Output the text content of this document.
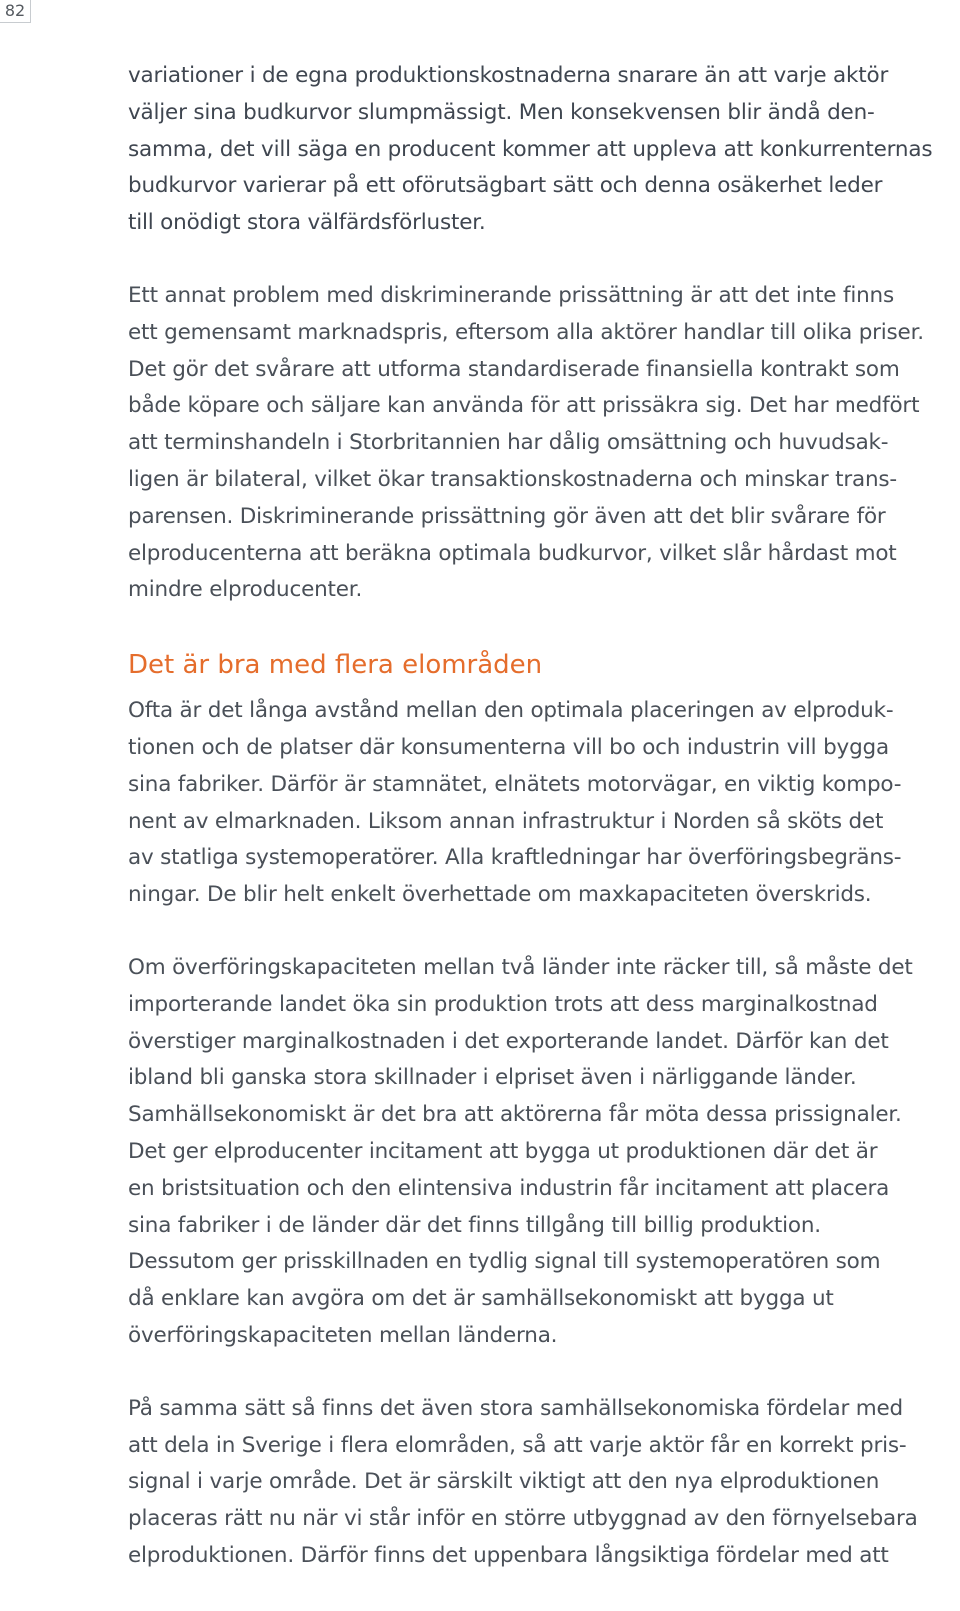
82

variationer i de egna produktionskostnaderna snarare än att varje aktör
väljer sina budkurvor slumpmässigt. Men konsekvensen blir ändå den-
samma, det vill säga en producent kommer att uppleva att konkurrenternas
budkurvor varierar på ett oförutsägbart sätt och denna osäkerhet leder
till onödigt stora välfärdsförluster.

Ett annat problem med diskriminerande prissättning är att det inte finns
ett gemensamt marknadspris, eftersom alla aktörer handlar till olika priser.
Det gör det svårare att utforma standardiserade finansiella kontrakt som
både köpare och säljare kan använda för att prissäkra sig. Det har medfört
att terminshandeln i Storbritannien har dålig omsättning och huvudsak-
ligen är bilateral, vilket ökar transaktionskostnaderna och minskar trans-
parensen. Diskriminerande prissättning gör även att det blir svårare för
elproducenterna att beräkna optimala budkurvor, vilket slår hårdast mot
mindre elproducenter.

Det är bra med flera elområden

Ofta är det långa avstånd mellan den optimala placeringen av elproduk-
tionen och de platser där konsumenterna vill bo och industrin vill bygga
sina fabriker. Därför är stamnätet, elnätets motorvägar, en viktig kompo-
nent av elmarknaden. Liksom annan infrastruktur i Norden så sköts det
av statliga systemoperatörer. Alla kraftledningar har överföringsbegräns-
ningar. De blir helt enkelt överhettade om maxkapaciteten överskrids.

Om överföringskapaciteten mellan två länder inte räcker till, så måste det
importerande landet öka sin produktion trots att dess marginalkostnad
överstiger marginalkostnaden i det exporterande landet. Därför kan det
ibland bli ganska stora skillnader i elpriset även i närliggande länder.
Samhällsekonomiskt är det bra att aktörerna får möta dessa prissignaler.
Det ger elproducenter incitament att bygga ut produktionen där det är
en bristsituation och den elintensiva industrin får incitament att placera
sina fabriker i de länder där det finns tillgång till billig produktion.
Dessutom ger prisskillnaden en tydlig signal till systemoperatören som
då enklare kan avgöra om det är samhällsekonomiskt att bygga ut
överföringskapaciteten mellan länderna.

På samma sätt så finns det även stora samhällsekonomiska fördelar med
att dela in Sverige i flera elområden, så att varje aktör får en korrekt pris-
signal i varje område. Det är särskilt viktigt att den nya elproduktionen
placeras rätt nu när vi står inför en större utbyggnad av den förnyelsebara
elproduktionen. Därför finns det uppenbara långsiktiga fördelar med att
